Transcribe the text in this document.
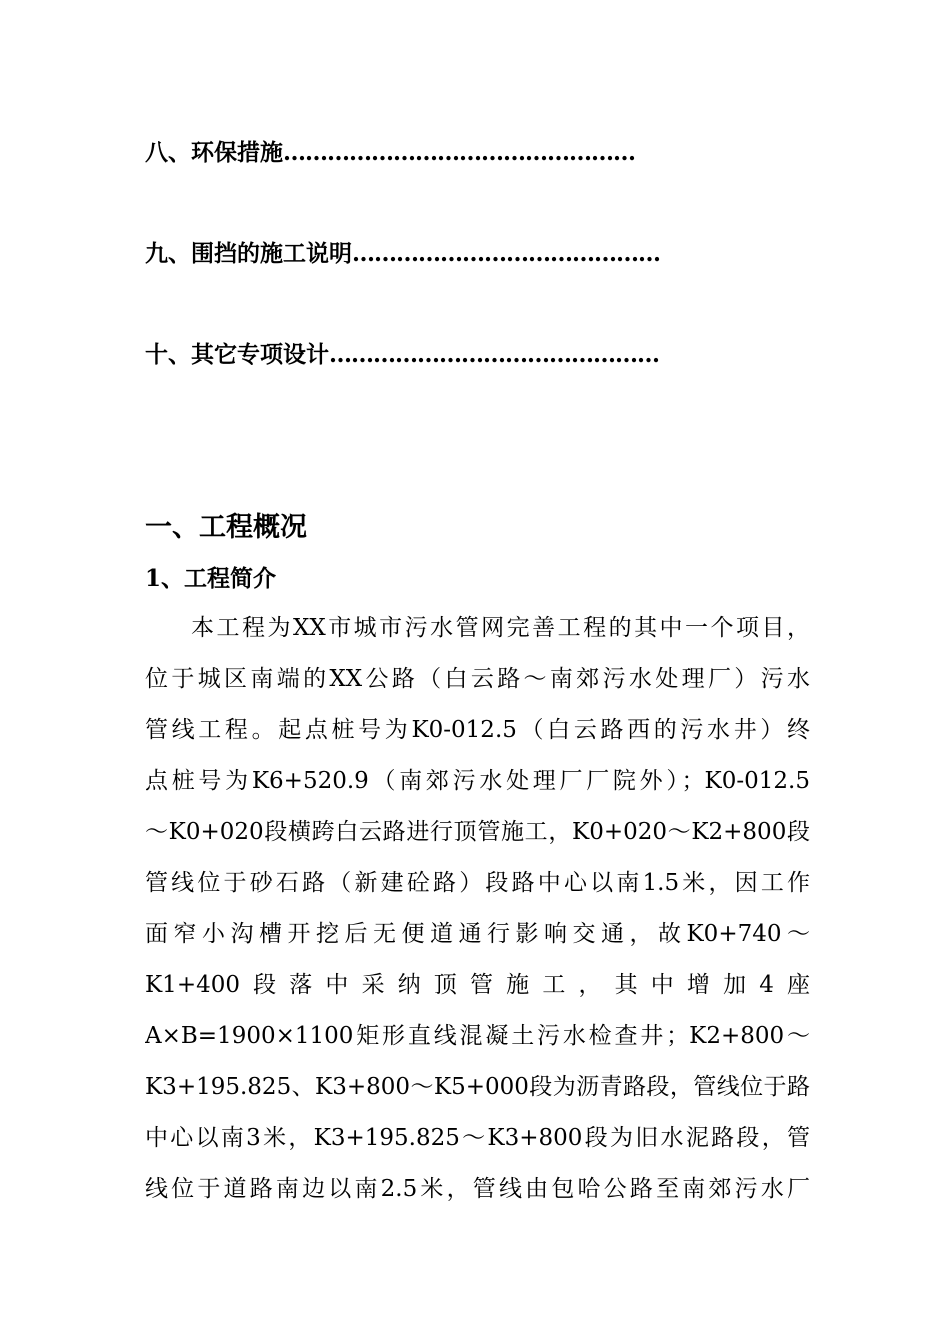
八、环保措施…………………………………………
九、围挡的施工说明……………………………………
十、其它专项设计………………………………………
一、工程概况
1、工程简介
本工程为XX市城市污水管网完善工程的其中一个项目，
位于城区南端的XX公路（白云路～南郊污水处理厂）污水
管线工程。起点桩号为K0-012.5（白云路西的污水井）终
点桩号为K6+520.9（南郊污水处理厂厂院外）；K0-012.5
～K0+020段横跨白云路进行顶管施工，K0+020～K2+800段
管线位于砂石路（新建砼路）段路中心以南1.5米，因工作
面窄小沟槽开挖后无便道通行影响交通，故K0+740～
K1+400段落中采纳顶管施工，其中增加4座
A×B=1900×1100矩形直线混凝土污水检查井；K2+800～
K3+195.825、K3+800～K5+000段为沥青路段，管线位于路
中心以南3米，K3+195.825～K3+800段为旧水泥路段，管
线位于道路南边以南2.5米，管线由包哈公路至南郊污水厂
